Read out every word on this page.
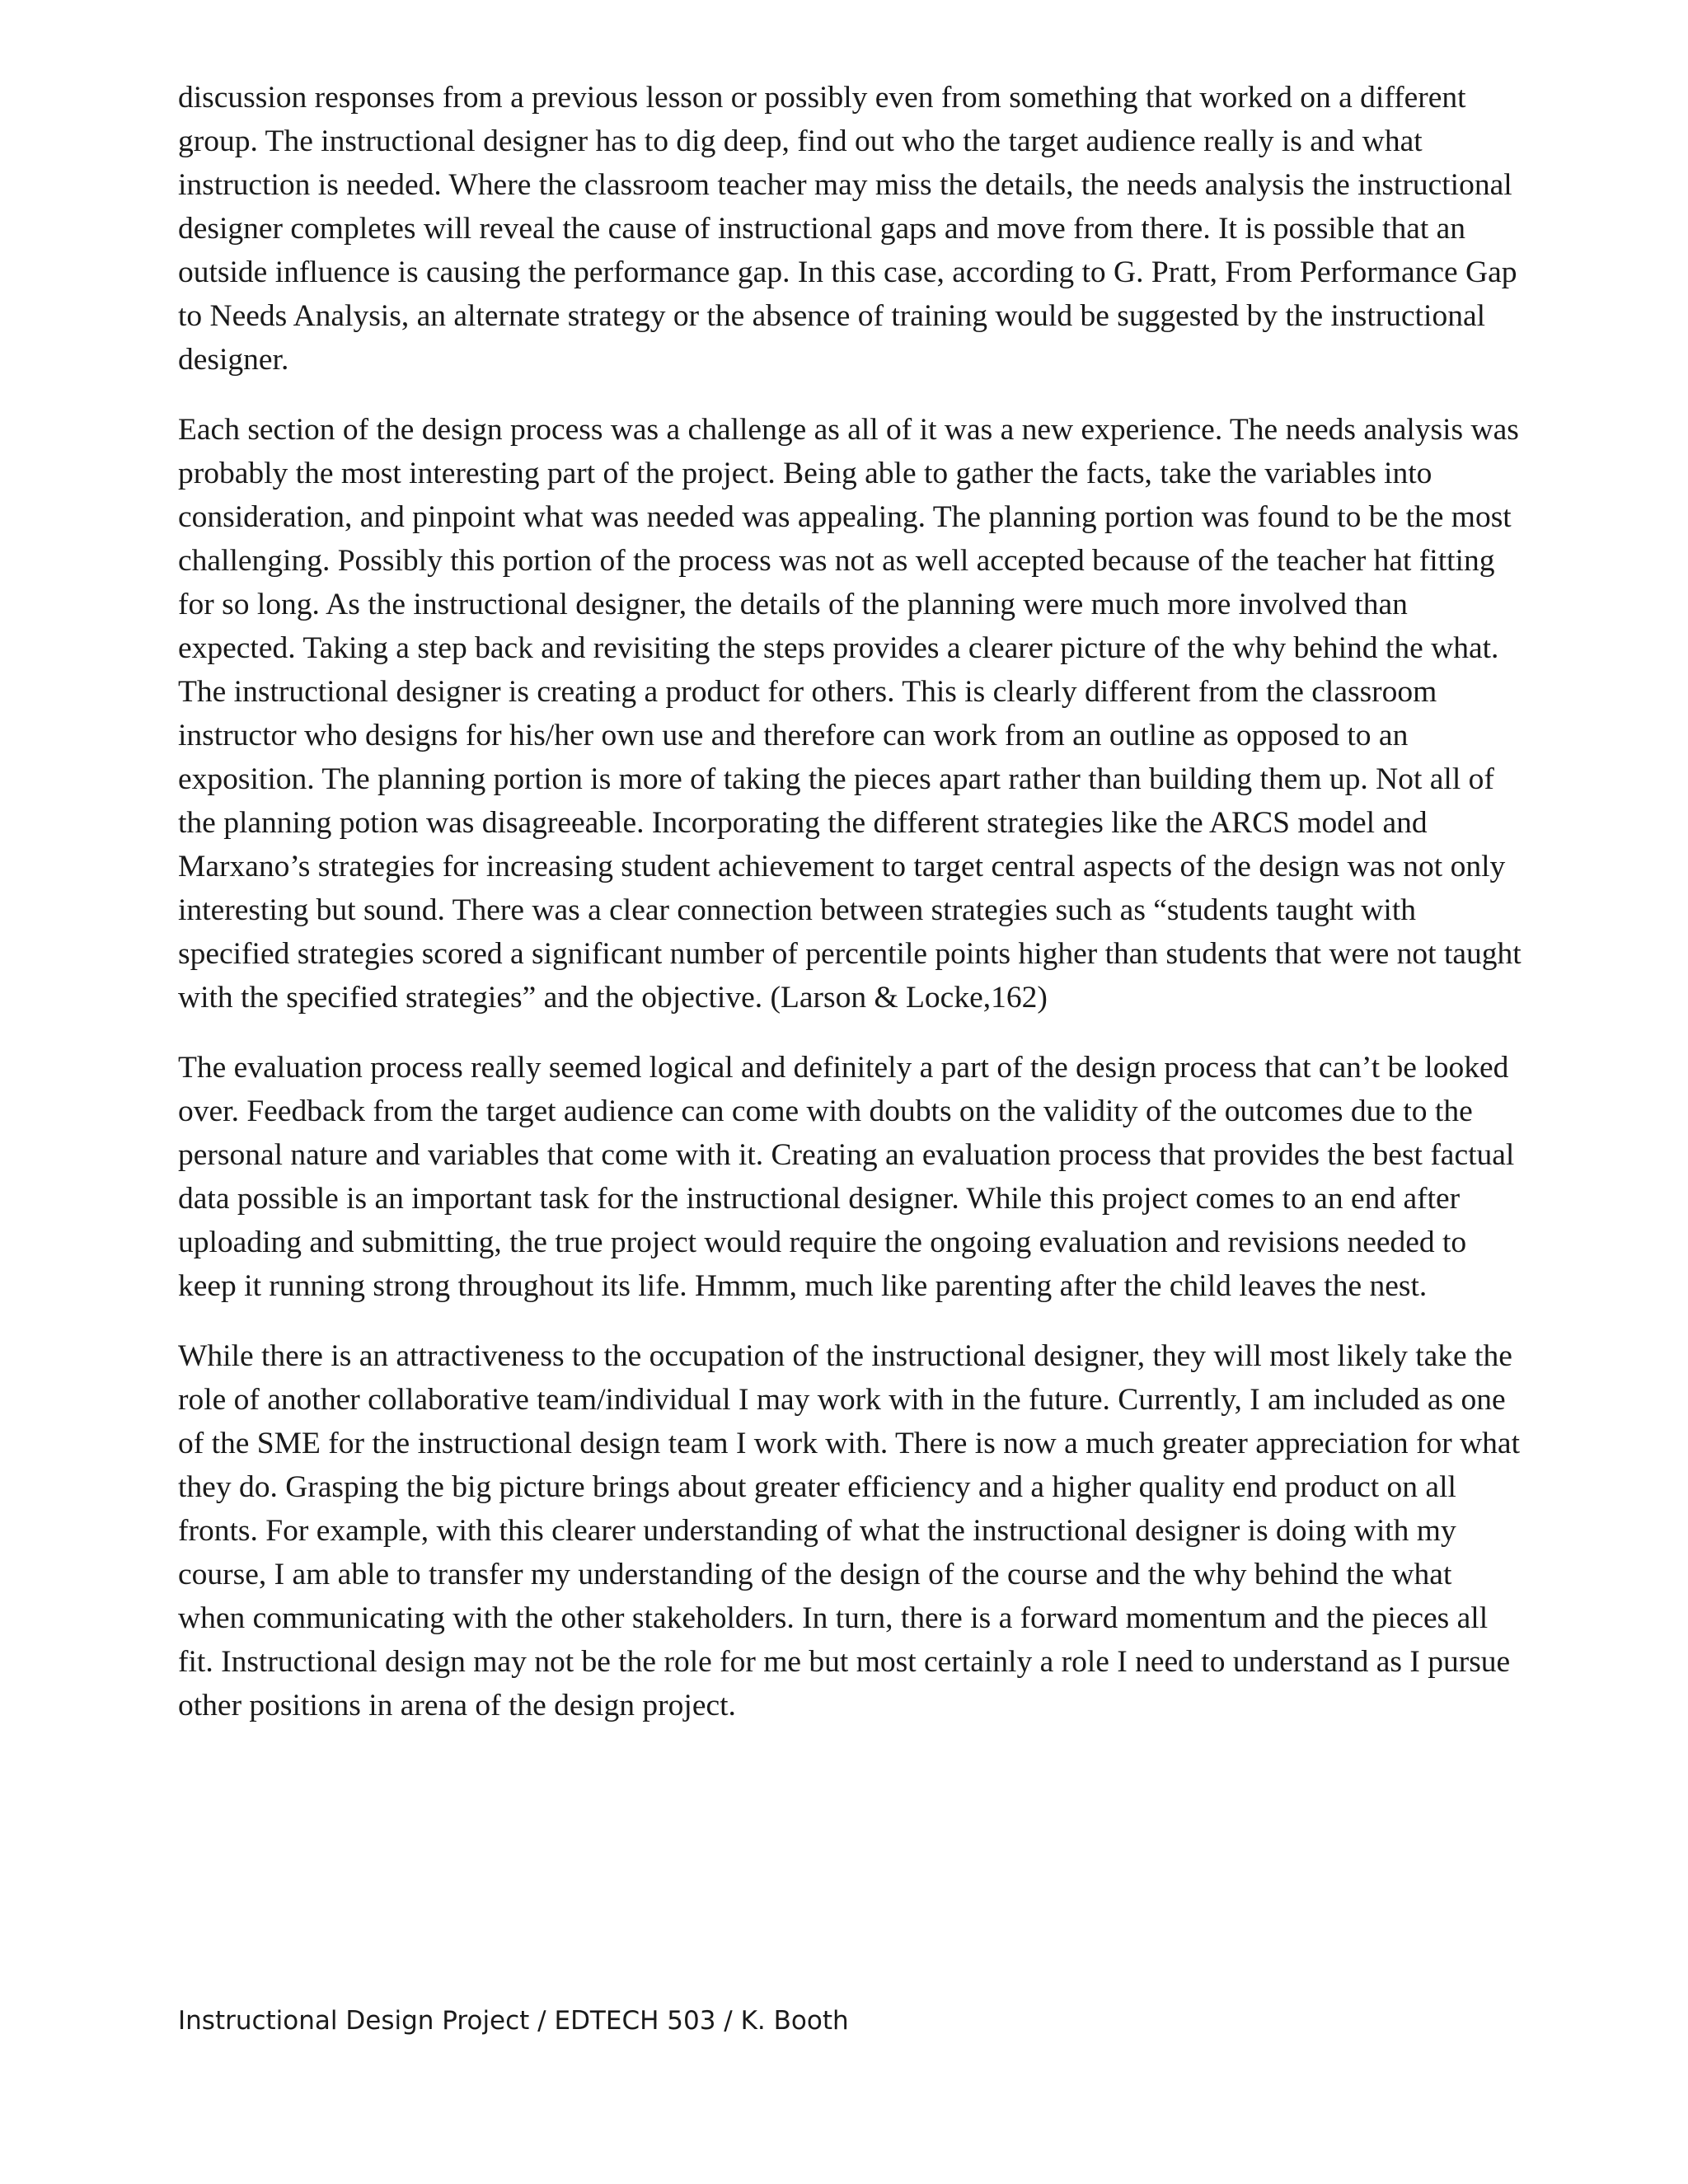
discussion responses from a previous lesson or possibly even from something that worked on a different group. The instructional designer has to dig deep, find out who the target audience really is and what instruction is needed. Where the classroom teacher may miss the details, the needs analysis the instructional designer completes will reveal the cause of instructional gaps and move from there. It is possible that an outside influence is causing the performance gap. In this case, according to G. Pratt, From Performance Gap to Needs Analysis, an alternate strategy or the absence of training would be suggested by the instructional designer.

Each section of the design process was a challenge as all of it was a new experience. The needs analysis was probably the most interesting part of the project. Being able to gather the facts, take the variables into consideration, and pinpoint what was needed was appealing. The planning portion was found to be the most challenging. Possibly this portion of the process was not as well accepted because of the teacher hat fitting for so long. As the instructional designer, the details of the planning were much more involved than expected. Taking a step back and revisiting the steps provides a clearer picture of the why behind the what. The instructional designer is creating a product for others. This is clearly different from the classroom instructor who designs for his/her own use and therefore can work from an outline as opposed to an exposition. The planning portion is more of taking the pieces apart rather than building them up. Not all of the planning potion was disagreeable. Incorporating the different strategies like the ARCS model and Marxano’s strategies for increasing student achievement to target central aspects of the design was not only interesting but sound. There was a clear connection between strategies such as “students taught with specified strategies scored a significant number of percentile points higher than students that were not taught with the specified strategies” and the objective. (Larson & Locke,162)

The evaluation process really seemed logical and definitely a part of the design process that can’t be looked over. Feedback from the target audience can come with doubts on the validity of the outcomes due to the personal nature and variables that come with it. Creating an evaluation process that provides the best factual data possible is an important task for the instructional designer. While this project comes to an end after uploading and submitting, the true project would require the ongoing evaluation and revisions needed to keep it running strong throughout its life. Hmmm, much like parenting after the child leaves the nest.

While there is an attractiveness to the occupation of the instructional designer, they will most likely take the role of another collaborative team/individual I may work with in the future. Currently, I am included as one of the SME for the instructional design team I work with. There is now a much greater appreciation for what they do. Grasping the big picture brings about greater efficiency and a higher quality end product on all fronts. For example, with this clearer understanding of what the instructional designer is doing with my course, I am able to transfer my understanding of the design of the course and the why behind the what when communicating with the other stakeholders. In turn, there is a forward momentum and the pieces all fit. Instructional design may not be the role for me but most certainly a role I need to understand as I pursue other positions in arena of the design project.

Instructional Design Project / EDTECH 503 / K. Booth
